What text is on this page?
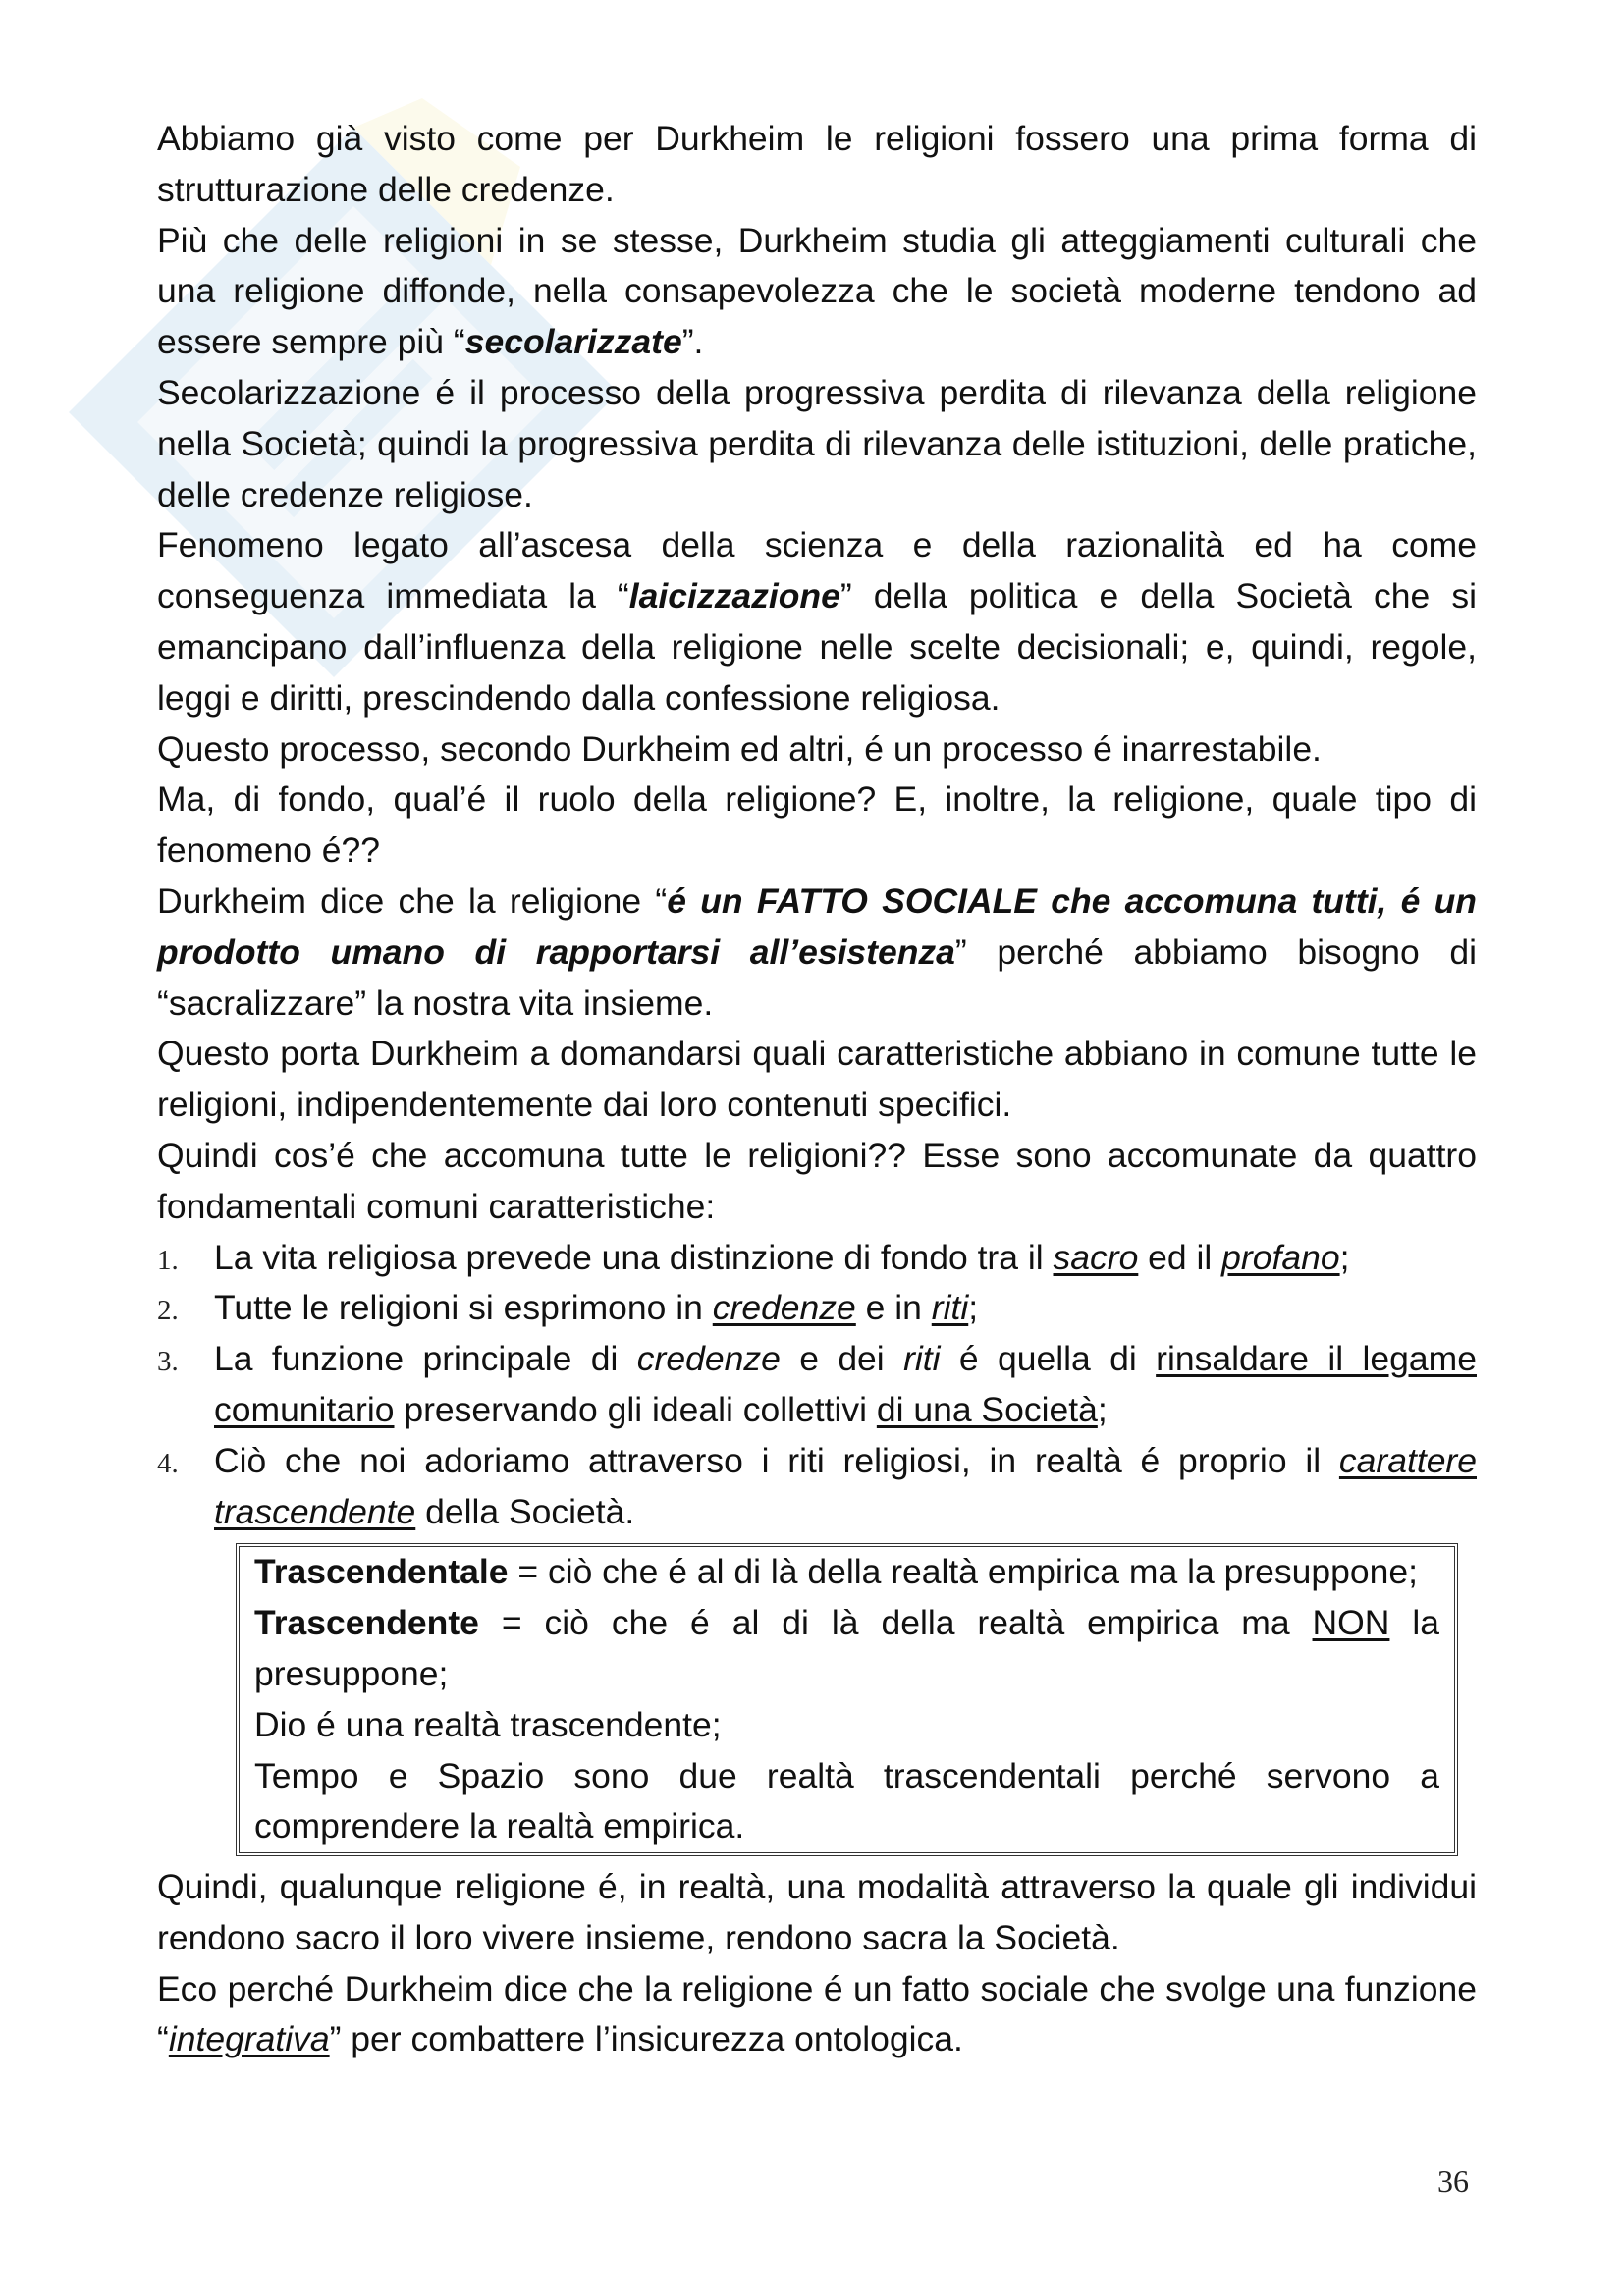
Abbiamo già visto come per Durkheim le religioni fossero una prima forma di strutturazione delle credenze.

Più che delle religioni in se stesse, Durkheim studia gli atteggiamenti culturali che una religione diffonde, nella consapevolezza che le società moderne tendono ad essere sempre più “secolarizzate”.

Secolarizzazione é il processo della progressiva perdita di rilevanza della religione nella Società; quindi la progressiva perdita di rilevanza delle istituzioni, delle pratiche, delle credenze religiose.

Fenomeno legato all’ascesa della scienza e della razionalità ed ha come conseguenza immediata la “laicizzazione” della politica e della Società che si emancipano dall’influenza della religione nelle scelte decisionali; e, quindi, regole, leggi e diritti, prescindendo dalla confessione religiosa.

Questo processo, secondo Durkheim ed altri, é un processo é inarrestabile.

Ma, di fondo, qual’é il ruolo della religione? E, inoltre, la religione, quale tipo di fenomeno é??

Durkheim dice che la religione “é un FATTO SOCIALE che accomuna tutti, é un prodotto umano di rapportarsi all’esistenza” perché abbiamo bisogno di “sacralizzare” la nostra vita insieme.

Questo porta Durkheim a domandarsi quali caratteristiche abbiano in comune tutte le religioni, indipendentemente dai loro contenuti specifici.

Quindi cos’é che accomuna tutte le religioni?? Esse sono accomunate da quattro fondamentali comuni caratteristiche:

1. La vita religiosa prevede una distinzione di fondo tra il sacro ed il profano;
2. Tutte le religioni si esprimono in credenze e in riti;
3. La funzione principale di credenze e dei riti é quella di rinsaldare il legame comunitario preservando gli ideali collettivi di una Società;
4. Ciò che noi adoriamo attraverso i riti religiosi, in realtà é proprio il carattere trascendente della Società.

Trascendentale = ciò che é al di là della realtà empirica ma la presuppone;

Trascendente = ciò che é al di là della realtà empirica ma NON la presuppone;

Dio é una realtà trascendente;

Tempo e Spazio sono due realtà trascendentali perché servono a comprendere la realtà empirica.

Quindi, qualunque religione é, in realtà, una modalità attraverso la quale gli individui rendono sacro il loro vivere insieme, rendono sacra la Società.

Eco perché Durkheim dice che la religione é un fatto sociale che svolge una funzione “integrativa” per combattere l’insicurezza ontologica.

36
